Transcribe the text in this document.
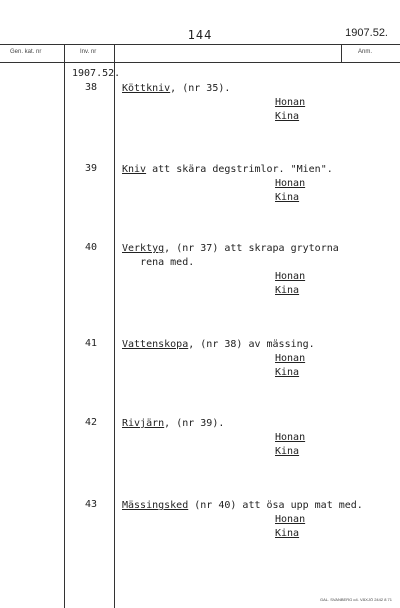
144	1907.52.
Gen. kat. nr	Inv. nr	Anm.
1907.52.
38 Köttkniv, (nr 35).
Honan
Kina
39 Kniv att skära degstrimlor. "Mien".
Honan
Kina
40 Verktyg, (nr 37) att skrapa grytorna
rena med.
Honan
Kina
41 Vattenskopa, (nr 38) av mässing.
Honan
Kina
42 Rivjärn, (nr 39).
Honan
Kina
43 Mässingsked (nr 40) att ösa upp mat med.
Honan
Kina
GAL. SVANBERG o4. VÄXJÖ 2442 8 71
